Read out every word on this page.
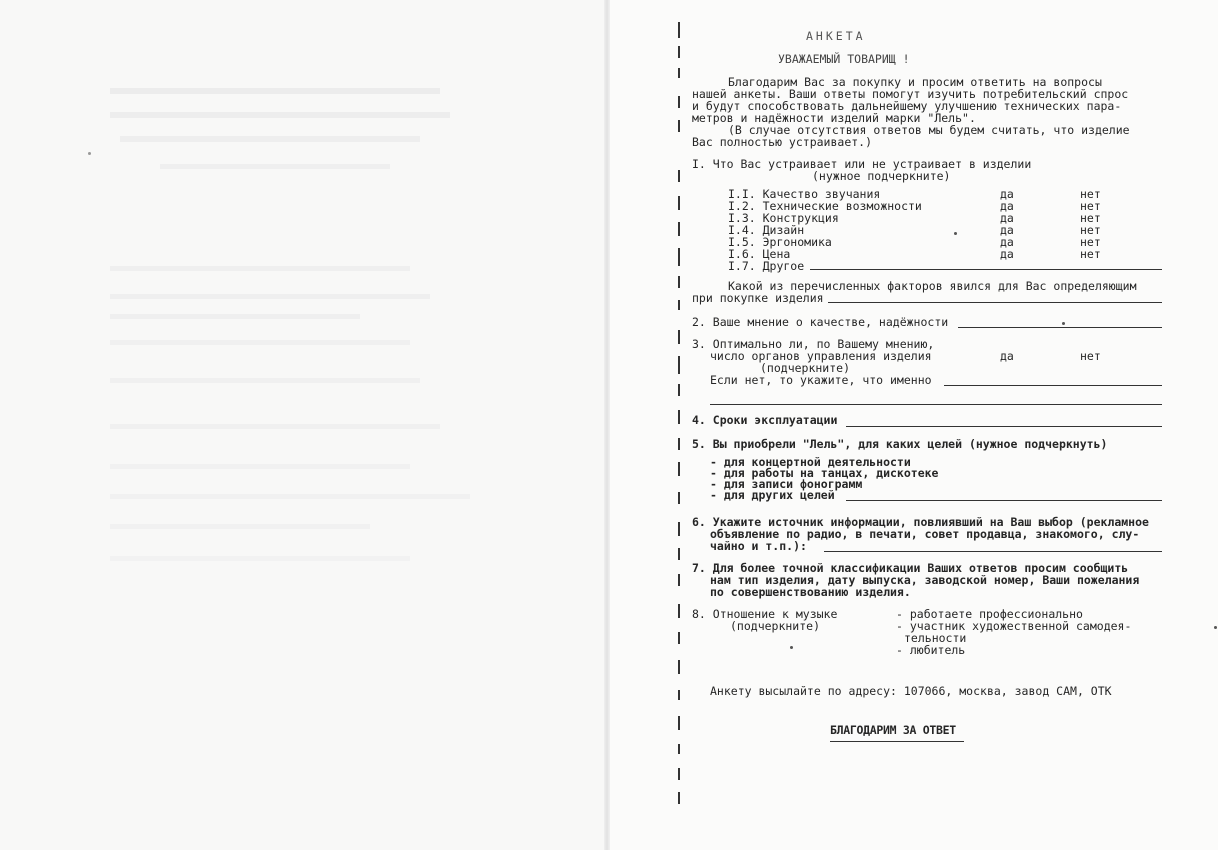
АНКЕТА
УВАЖАЕМЫЙ ТОВАРИЩ !
Благодарим Вас за покупку и просим ответить на вопросы
нашей анкеты. Ваши ответы помогут изучить потребительский спрос
и будут способствовать дальнейшему улучшению технических пара-
метров и надёжности изделий марки "Лель".
(В случае отсутствия ответов мы будем считать, что изделие
Вас полностью устраивает.)
I. Что Вас устраивает или не устраивает в изделии
(нужное подчеркните)
I.I. Качество звучания	да	нет
I.2. Технические возможности	да	нет
I.3. Конструкция	да	нет
I.4. Дизайн	да	нет
I.5. Эргономика	да	нет
I.6. Цена	да	нет
I.7. Другое
Какой из перечисленных факторов явился для Вас определяющим
при покупке изделия
2. Ваше мнение о качестве, надёжности
3. Оптимально ли, по Вашему мнению,
число органов управления изделия	да	нет
(подчеркните)
Если нет, то укажите, что именно
4. Сроки эксплуатации
5. Вы приобрели "Лель", для каких целей (нужное подчеркнуть)
- для концертной деятельности
- для работы на танцах, дискотеке
- для записи фонограмм
- для других целей
6. Укажите источник информации, повлиявший на Ваш выбор (рекламное
объявление по радио, в печати, совет продавца, знакомого, слу-
чайно и т.п.):
7. Для более точной классификации Ваших ответов просим сообщить
нам тип изделия, дату выпуска, заводской номер, Ваши пожелания
по совершенствованию изделия.
8. Отношение к музыке
(подчеркните)
- работаете профессионально
- участник художественной самодея-
тельности
- любитель
Анкету высылайте по адресу: 107066, москва, завод САМ, ОТК
БЛАГОДАРИМ ЗА ОТВЕТ
